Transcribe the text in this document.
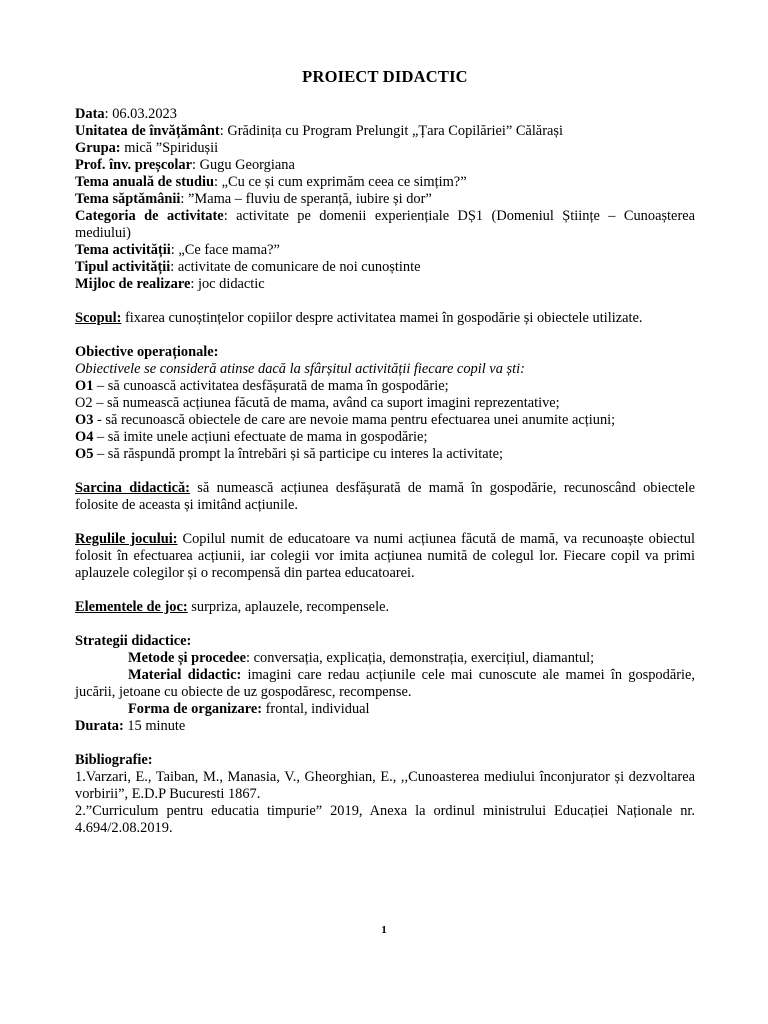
PROIECT DIDACTIC

Data: 06.03.2023

Unitatea de învățământ: Grădinița cu Program Prelungit „Țara Copilăriei” Călărași

Grupa: mică ”Spiridușii

Prof. înv. preșcolar: Gugu Georgiana

Tema anuală de studiu: „Cu ce și cum exprimăm ceea ce simțim?”

Tema săptămânii: ”Mama – fluviu de speranță, iubire și dor”

Categoria de activitate: activitate pe domenii experiențiale DȘ1 (Domeniul Științe – Cunoașterea mediului)

Tema activității: „Ce face mama?”

Tipul activității: activitate de comunicare de noi cunoștinte

Mijloc de realizare: joc didactic

Scopul: fixarea cunoștințelor copiilor despre activitatea mamei în gospodărie și obiectele utilizate.

Obiective operaționale:

Obiectivele se consideră atinse dacă la sfârșitul activității fiecare copil va ști:

O1 – să cunoască activitatea desfășurată de mama în gospodărie;

O2 – să numească acțiunea făcută de mama, având ca suport imagini reprezentative;

O3 - să recunoască obiectele de care are nevoie mama pentru efectuarea unei anumite acțiuni;

O4 – să imite unele acțiuni efectuate de mama in gospodărie;

O5 – să răspundă prompt la întrebări și să participe cu interes la activitate;

Sarcina didactică: să numească acțiunea desfășurată de mamă în gospodărie, recunoscând obiectele folosite de aceasta și imitând acțiunile.

Regulile jocului: Copilul numit de educatoare va numi acțiunea făcută de mamă, va recunoaște obiectul folosit în efectuarea acțiunii, iar colegii vor imita acțiunea numită de colegul lor. Fiecare copil va primi aplauzele colegilor și o recompensă din partea educatoarei.

Elementele de joc: surpriza, aplauzele, recompensele.

Strategii didactice:

Metode și procedee: conversația, explicația, demonstrația, exercițiul, diamantul;

Material didactic: imagini care redau acțiunile cele mai cunoscute ale mamei în gospodărie, jucării, jetoane cu obiecte de uz gospodăresc, recompense.

Forma de organizare: frontal, individual

Durata: 15 minute

Bibliografie:

1.Varzari, E., Taiban, M., Manasia, V., Gheorghian, E., ,,Cunoasterea mediului înconjurator și dezvoltarea vorbirii”, E.D.P Bucuresti 1867.

2.”Curriculum pentru educatia timpurie” 2019, Anexa la ordinul ministrului Educației Naționale nr. 4.694/2.08.2019.

1
